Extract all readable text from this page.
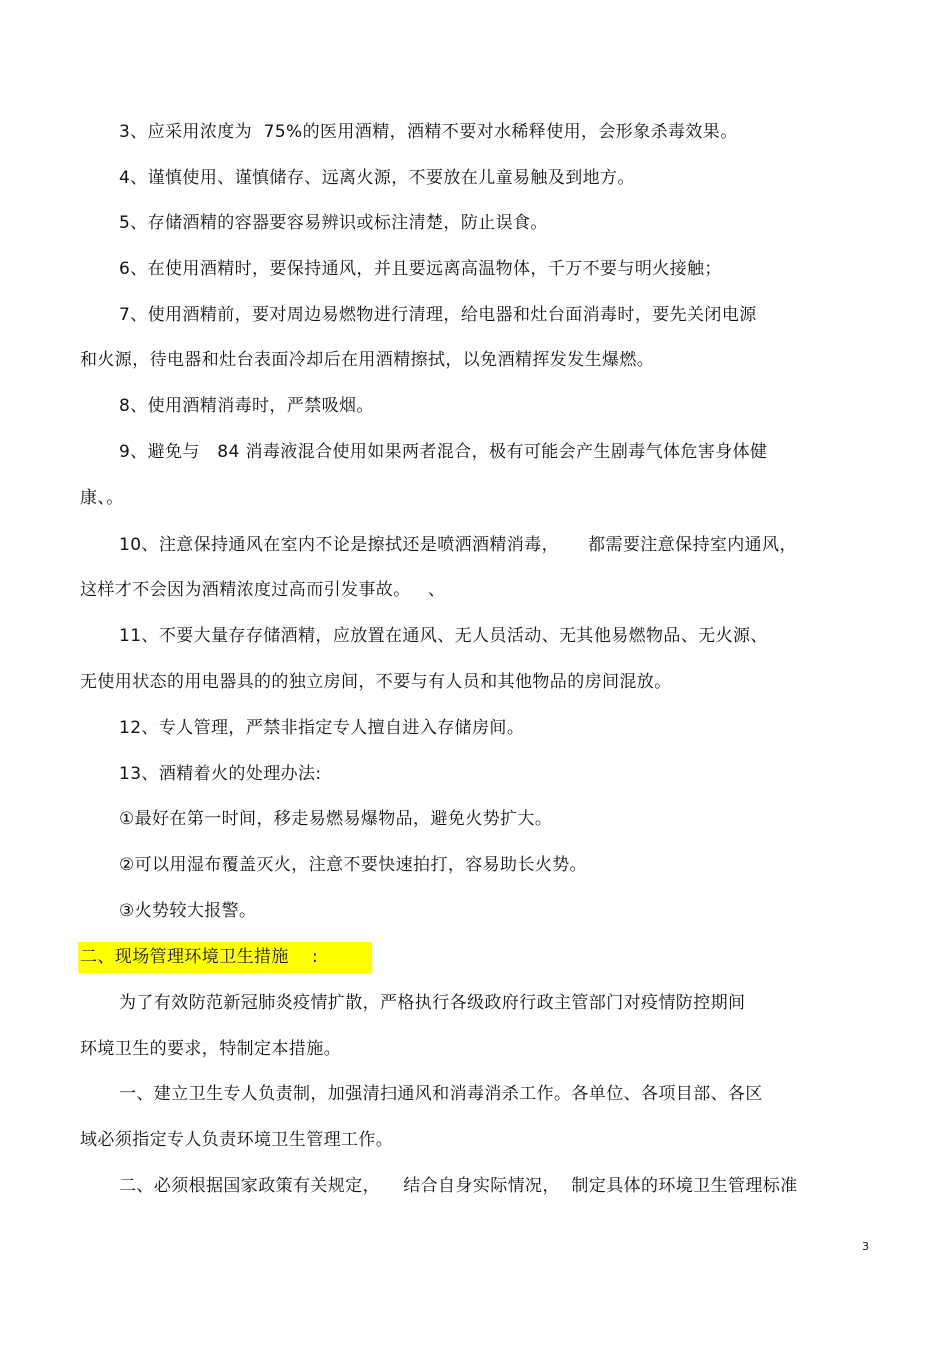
3、应采用浓度为  75%的医用酒精，酒精不要对水稀释使用，会形象杀毒效果。
4、谨慎使用、谨慎储存、远离火源，不要放在儿童易触及到地方。
5、存储酒精的容器要容易辨识或标注清楚，防止误食。
6、在使用酒精时，要保持通风，并且要远离高温物体，千万不要与明火接触；
7、使用酒精前，要对周边易燃物进行清理，给电器和灶台面消毒时，要先关闭电源
和火源，待电器和灶台表面冷却后在用酒精擦拭，以免酒精挥发发生爆燃。
8、使用酒精消毒时，严禁吸烟。
9、避免与   84 消毒液混合使用如果两者混合，极有可能会产生剧毒气体危害身体健
康、。
10、注意保持通风在室内不论是擦拭还是喷洒酒精消毒，     都需要注意保持室内通风，
这样才不会因为酒精浓度过高而引发事故。   、
11、不要大量存存储酒精，应放置在通风、无人员活动、无其他易燃物品、无火源、
无使用状态的用电器具的的独立房间，不要与有人员和其他物品的房间混放。
12、专人管理，严禁非指定专人擅自进入存储房间。
13、酒精着火的处理办法:
①最好在第一时间，移走易燃易爆物品，避免火势扩大。
②可以用湿布覆盖灭火，注意不要快速拍打，容易助长火势。
③火势较大报警。
二、现场管理环境卫生措施    :
为了有效防范新冠肺炎疫情扩散，严格执行各级政府行政主管部门对疫情防控期间
环境卫生的要求，特制定本措施。
一、建立卫生专人负责制，加强清扫通风和消毒消杀工作。各单位、各项目部、各区
域必须指定专人负责环境卫生管理工作。
二、必须根据国家政策有关规定，    结合自身实际情况，  制定具体的环境卫生管理标准
3
